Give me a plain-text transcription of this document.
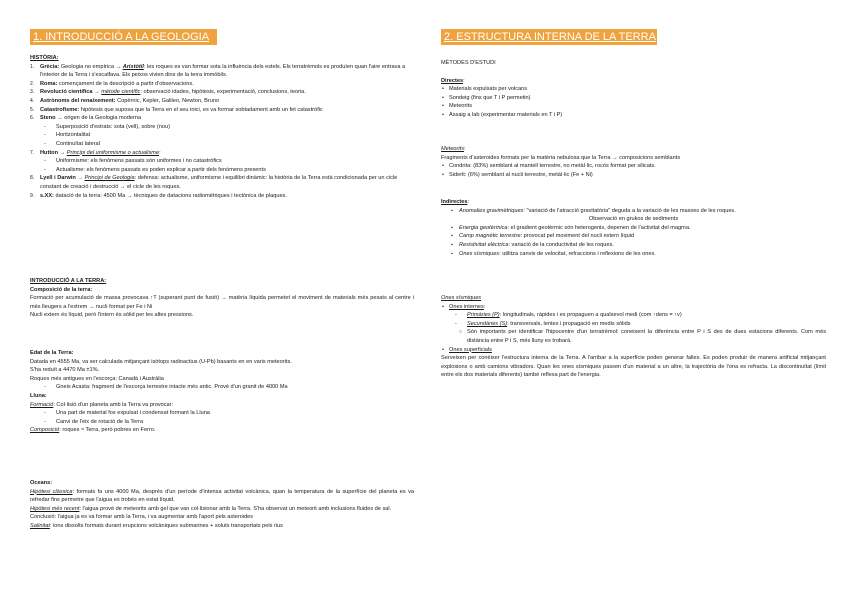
1. INTRODUCCIÓ A LA GEOLOGIA	2. ESTRUCTURA INTERNA DE LA TERRA

HISTÒRIA:

1. Grècia: Geologia no empírica → Aristòtil: les roques es van formar sota la influència dels estels. Els terratrèmols es produïen quan l'aire entrava a l'interior de la Terra i s'escalfava. Els peixos vivien dins de la terra immòbils.
2. Roma: començament de la descripció a partir d'observacions.
3. Revolució científica → mètode científic: observació idades, hipòtesis, experimentació, conclusions, teoria.
4. Astrònoms del renaixement: Copèrnic, Kepler, Galileo, Newton, Bruno
5. Catastrofisme: hipòtesis que suposa que la Terra en el seu inici, es va formar sobtadament amb un fet catastròfic
6. Steno → origen de la Geologia moderna
- Superposició d'estrats: sota (vell), sobre (nou)
- Horitzontalitat
- Continuïtat lateral
7. Hutton → Principi del uniformisme o actualisme:
- Uniformisme: els fenòmens passats són uniformes i no catastròfics
- Actualisme: els fenòmens passats es poden explicar a partir dels fenòmens presents
8. Lyell i Darwin → Principi de Geologia: defensa: actualisme, uniformisme i equilibri dinàmic: la història de la Terra està condicionada per un cicle constant de creació i destrucció → el cicle de les roques.
9. s.XX: datació de la terra: 4500 Ma → tècniques de datacions radiomètriques i tectònica de plaques.

INTRODUCCIÓ A LA TERRA:

Composició de la terra:

Formació per acumulació de massa provocava ↑T (superant punt de fusió) → matèria líquida permetet el moviment de materials més pesats al centre i més lleugers a l'extrem → nucli format per Fe i Ni

Nucli extern és líquid, però l'intern és sòlid per les altes pressions.

Edat de la Terra:

Datada en 4555 Ma, va ser calculada mitjançant isòtops radioactius (U-Pb) basants en en varis meteorits.

S'ha reduït a 4470 Ma ±1%.

Roques més antigues en l'escorça: Canadà i Austràlia

- Gneis Acasta: fragment de l'escorça terrestre intacte més antic. Prové d'un granit de 4000 Ma

Lluna:

Formació: Col·lisió d'un planeta amb la Terra va provocar:

- Una part de material fos expulsat i condensat formant la Lluna
- Canvi de l'eix de rotació de la Terra

Composició: roques ≈ Terra, però pobres en Ferro.

Oceans:

Hipòtesi clàssica: formats fa uns 4000 Ma, després d'un període d'intensa activitat volcànica, quan la temperatura de la superfície del planeta es va refredar fins permetre que l'aigua es trobés en estat líquid.

Hipòtesi més recent: l'aigua prové de meteorits amb gel que van col·lisionar amb la Terra. S'ha observat un meteorit amb inclusions fluides de sal.

Conclusió: l'aigua ja es va formar amb la Terra, i va augmentar amb l'aport pels asteroides

Salinitat: ions dissolts formats durant erupcions volcàniques submarines + soluts transportats pels rius

MÈTODES D'ESTUDI

Directes:

• Materials expulsats per volcans
• Sondeig (fins que T i P permetin)
• Meteorits
• Assaig a lab (experimentar materials en T i P)

Meteorits:

Fragments d'asteroides formats per la matèria nebulosa que la Terra → composicions semblants

• Condrita: (83%) semblant al mantell terrestre, no metàl·lic, rocós format per silicats.
• Siderit: (6%) semblant al nucli terrestre, metàl·lic (Fe + Ni)

Indirectes:

▪ Anomalies gravimètriques: "variació de l'atracció gravitatòria" deguda a la variació de les masses de les roques.

Observació en grukos de sediments

▪ Energia geotèrmica: el gradient geotèrmic són heterogenis, depenen de l'activitat del magma.
▪ Camp magnètic terrestre: provocat pel moviment del nucli extern líquid
▪ Resistivitat elèctrica: variació de la conductivitat de les roques.
▪ Ones sísmiques: utilitza canvis de velocitat, refraccions i reflexions de les ones.

Ones sísmiques

• Ones internes:
- Primàries (P): longitudinals, ràpides i es propaguen a qualsevol medi (com ↑dens = ↑v)
- Secundàries (S): transversals, lentes i propagació en medis sòlids
○ Són importants per identificar l'hipocentre d'un terratrèmol: coneixent la diferència entre P i S des de dues estacions diferents. Com més distància entre P i S, més lluny es trobarà.
• Ones superficials

Serveixen per conèixer l'estructura interna de la Terra. A l'arribar a la superfície poden generar falles. Es poden produir de manera artificial mitjançant explosions o amb camions vibradors. Quan les ones sísmiques passen d'un material a un altre, la trajectòria de l'ona es refracta. La discontinuïtat (límit entre els dos materials diferents) també reflexa part de l'energia.
